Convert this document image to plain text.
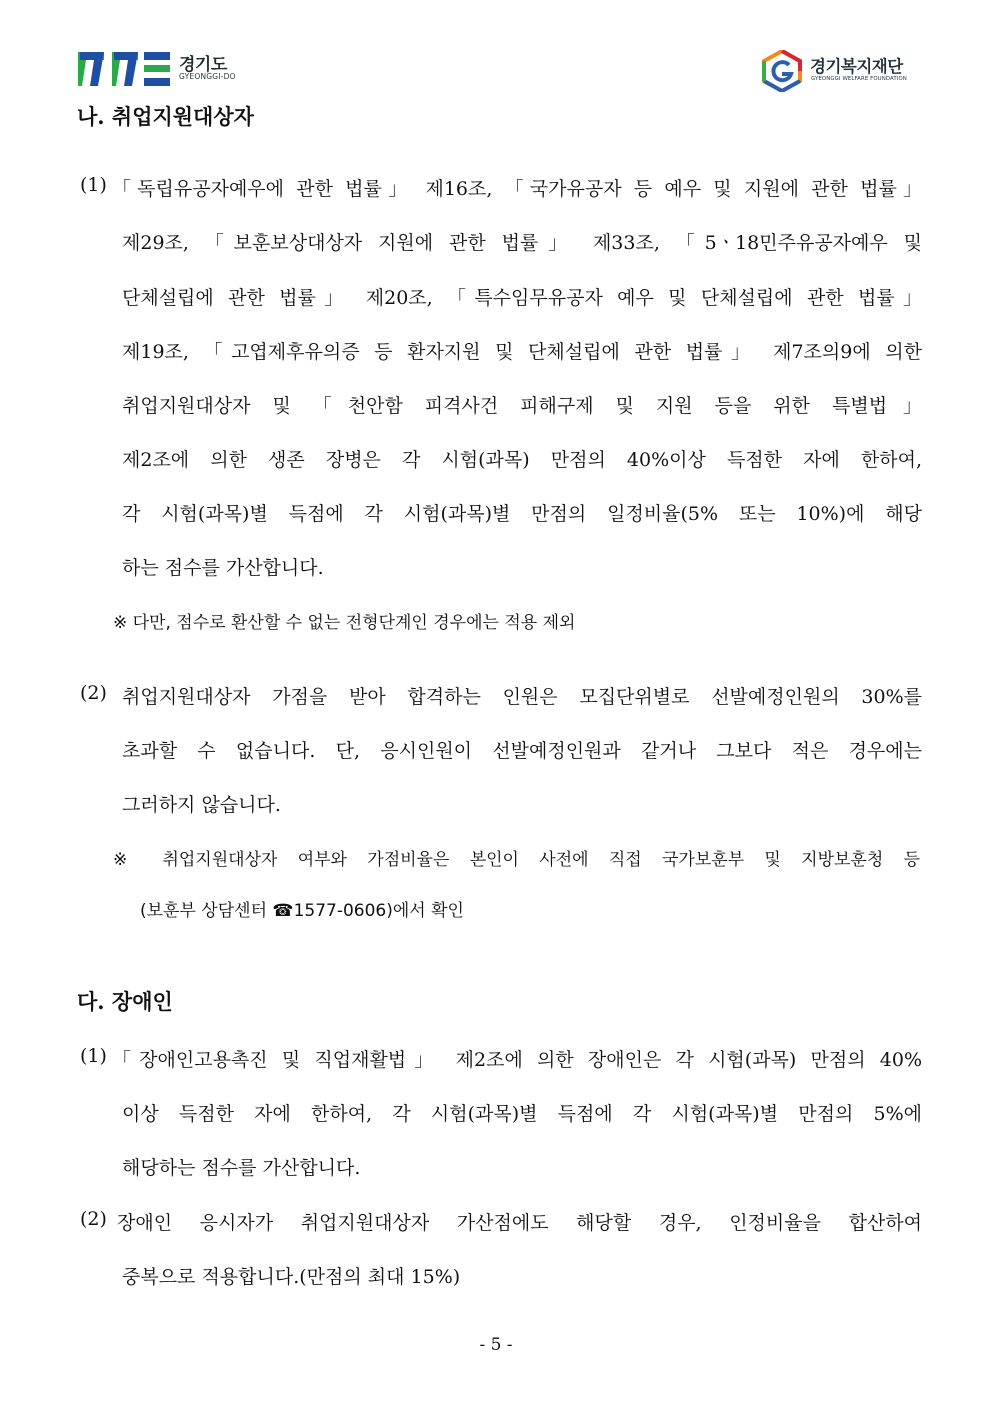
경기도
GYEONGGI-DO
경기복지재단
GYEONGGI WELFARE FOUNDATION
나. 취업지원대상자
(1) 「독립유공자예우에 관한 법률」 제16조, 「국가유공자 등 예우 및 지원에 관한 법률」
제29조, 「보훈보상대상자 지원에 관한 법률」 제33조, 「5ㆍ18민주유공자예우 및
단체설립에 관한 법률」 제20조, 「특수임무유공자 예우 및 단체설립에 관한 법률」
제19조, 「고엽제후유의증 등 환자지원 및 단체설립에 관한 법률」 제7조의9에 의한
취업지원대상자 및 「천안함 피격사건 피해구제 및 지원 등을 위한 특별법」
제2조에 의한 생존 장병은 각 시험(과목) 만점의 40%이상 득점한 자에 한하여,
각 시험(과목)별 득점에 각 시험(과목)별 만점의 일정비율(5% 또는 10%)에 해당
하는 점수를 가산합니다.
※ 다만, 점수로 환산할 수 없는 전형단계인 경우에는 적용 제외
(2) 취업지원대상자 가점을 받아 합격하는 인원은 모집단위별로 선발예정인원의 30%를
초과할 수 없습니다. 단, 응시인원이 선발예정인원과 같거나 그보다 적은 경우에는
그러하지 않습니다.
※ 취업지원대상자 여부와 가점비율은 본인이 사전에 직접 국가보훈부 및 지방보훈청 등
(보훈부 상담센터 ☎1577-0606)에서 확인
다. 장애인
(1) 「장애인고용촉진 및 직업재활법」 제2조에 의한 장애인은 각 시험(과목) 만점의 40%
이상 득점한 자에 한하여, 각 시험(과목)별 득점에 각 시험(과목)별 만점의 5%에
해당하는 점수를 가산합니다.
(2) 장애인 응시자가 취업지원대상자 가산점에도 해당할 경우, 인정비율을 합산하여
중복으로 적용합니다.(만점의 최대 15%)
- 5 -
